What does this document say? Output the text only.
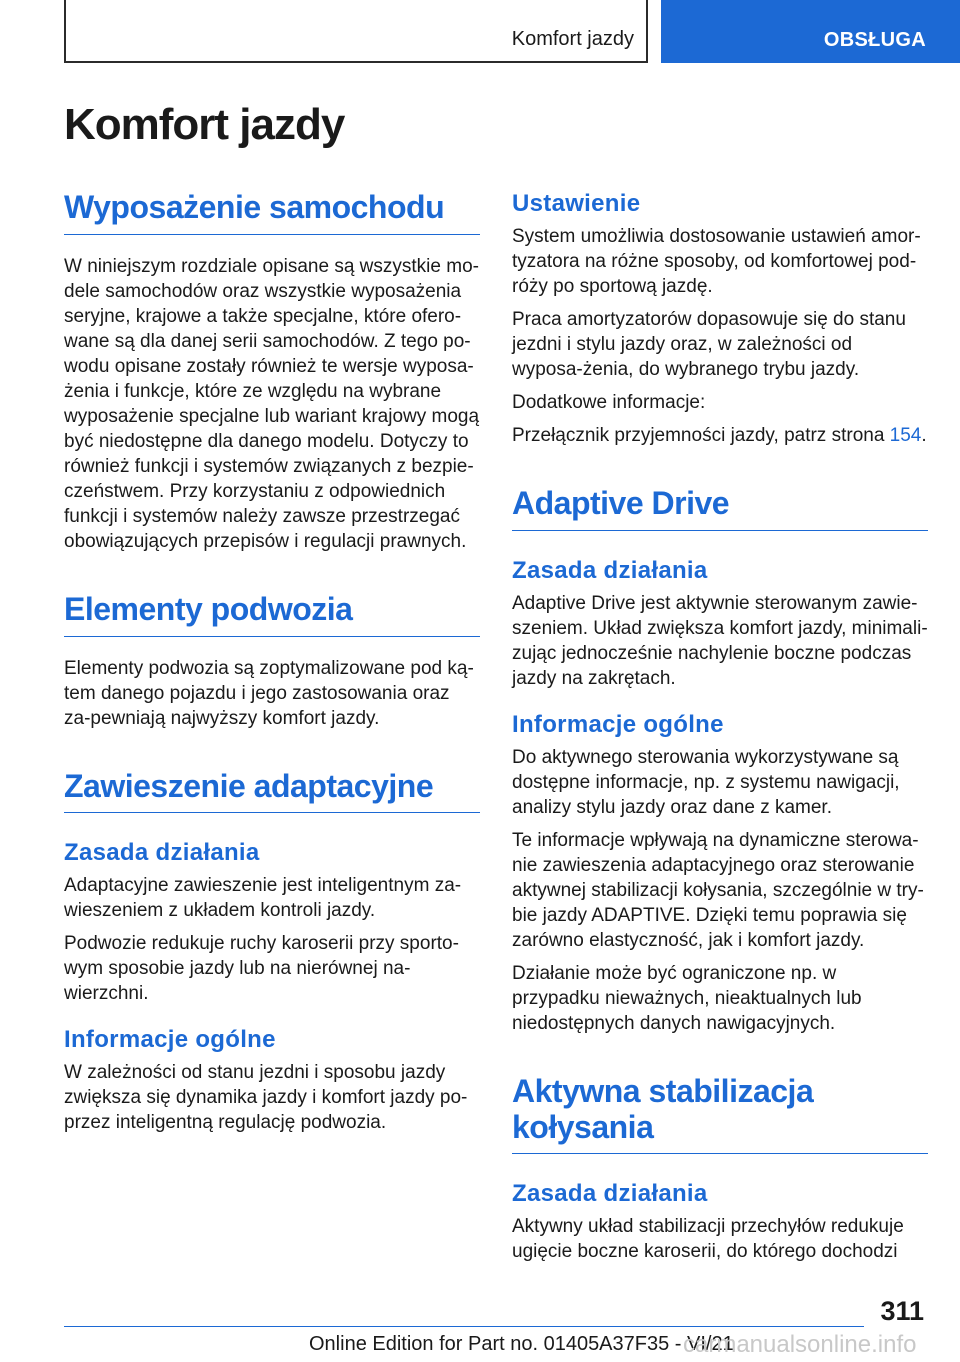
Komfort jazdy	OBSŁUGA
Komfort jazdy
Wyposażenie samochodu

W niniejszym rozdziale opisane są wszystkie mo-dele samochodów oraz wszystkie wyposażenia seryjne, krajowe a także specjalne, które ofero-wane są dla danej serii samochodów. Z tego po-wodu opisane zostały również te wersje wyposa-żenia i funkcje, które ze względu na wybrane wyposażenie specjalne lub wariant krajowy mogą być niedostępne dla danego modelu. Dotyczy to również funkcji i systemów związanych z bezpie-czeństwem. Przy korzystaniu z odpowiednich funkcji i systemów należy zawsze przestrzegać obowiązujących przepisów i regulacji prawnych.

Elementy podwozia

Elementy podwozia są zoptymalizowane pod ką-tem danego pojazdu i jego zastosowania oraz za-pewniają najwyższy komfort jazdy.

Zawieszenie adaptacyjne
Zasada działania

Adaptacyjne zawieszenie jest inteligentnym za-wieszeniem z układem kontroli jazdy.

Podwozie redukuje ruchy karoserii przy sporto-wym sposobie jazdy lub na nierównej na-wierzchni.

Informacje ogólne

W zależności od stanu jezdni i sposobu jazdy zwiększa się dynamika jazdy i komfort jazdy po-przez inteligentną regulację podwozia.

Ustawienie

System umożliwia dostosowanie ustawień amor-tyzatora na różne sposoby, od komfortowej pod-róży po sportową jazdę.

Praca amortyzatorów dopasowuje się do stanu jezdni i stylu jazdy oraz, w zależności od wyposa-żenia, do wybranego trybu jazdy.

Dodatkowe informacje:

Przełącznik przyjemności jazdy, patrz strona 154.

Adaptive Drive
Zasada działania

Adaptive Drive jest aktywnie sterowanym zawie-szeniem. Układ zwiększa komfort jazdy, minimali-zując jednocześnie nachylenie boczne podczas jazdy na zakrętach.

Informacje ogólne

Do aktywnego sterowania wykorzystywane są dostępne informacje, np. z systemu nawigacji, analizy stylu jazdy oraz dane z kamer.

Te informacje wpływają na dynamiczne sterowa-nie zawieszenia adaptacyjnego oraz sterowanie aktywnej stabilizacji kołysania, szczególnie w try-bie jazdy ADAPTIVE. Dzięki temu poprawia się zarówno elastyczność, jak i komfort jazdy.

Działanie może być ograniczone np. w przypadku nieważnych, nieaktualnych lub niedostępnych danych nawigacyjnych.

Aktywna stabilizacja kołysania
Zasada działania

Aktywny układ stabilizacji przechyłów redukuje ugięcie boczne karoserii, do którego dochodzi

311
Online Edition for Part no. 01405A37F35 - VI/21
carmanualsonline.info
